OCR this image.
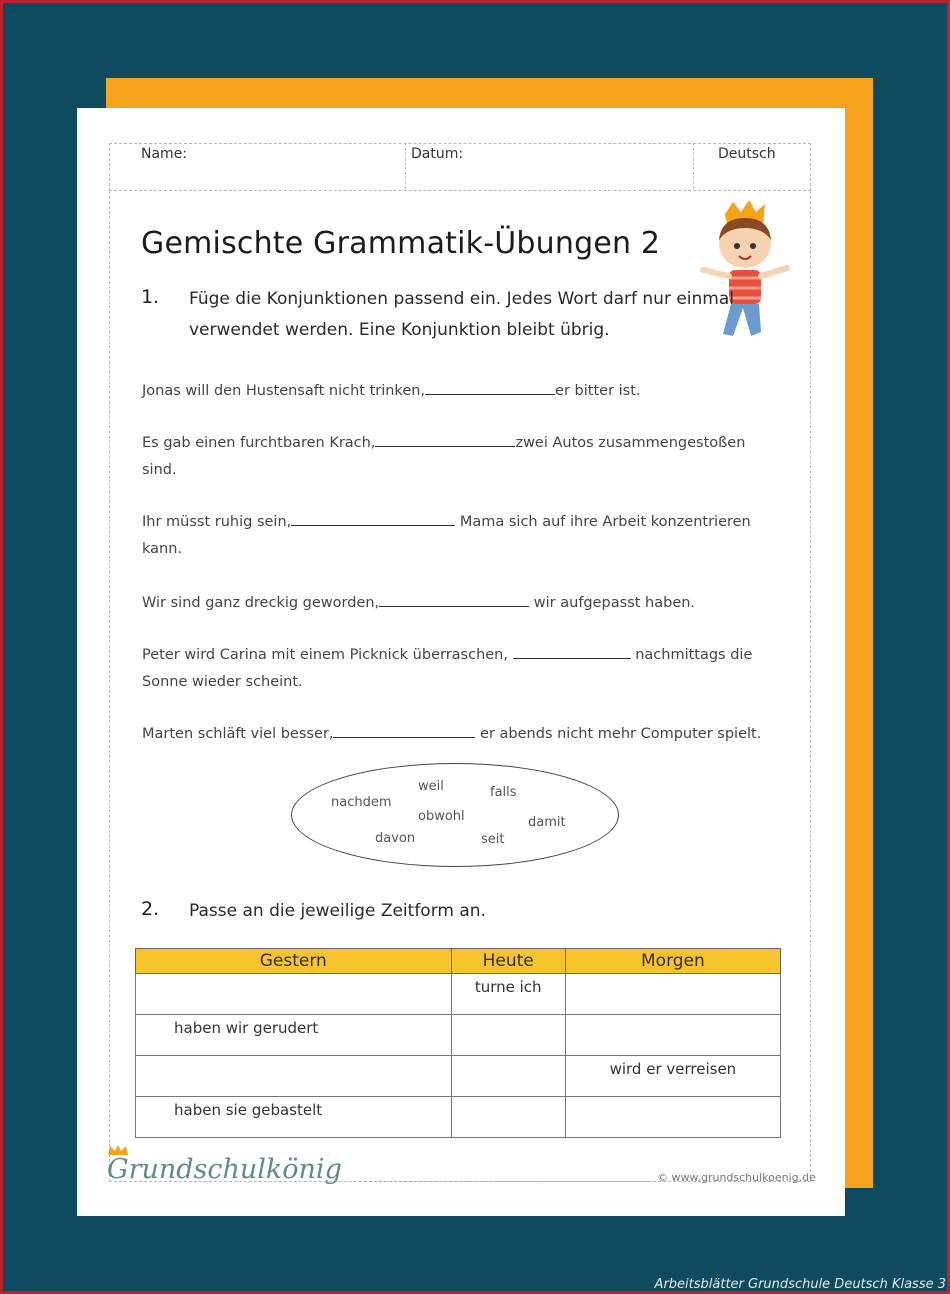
Name:	Datum:	Deutsch
Gemischte Grammatik-Übungen 2
1. Füge die Konjunktionen passend ein. Jedes Wort darf nur einmal
verwendet werden. Eine Konjunktion bleibt übrig.
Jonas will den Hustensaft nicht trinken,	er bitter ist.
Es gab einen furchtbaren Krach,	zwei Autos zusammengestoßen sind.
Ihr müsst ruhig sein,	Mama sich auf ihre Arbeit konzentrieren kann.
Wir sind ganz dreckig geworden,	wir aufgepasst haben.
Peter wird Carina mit einem Picknick überraschen,	nachmittags die Sonne wieder scheint.
Marten schläft viel besser,	er abends nicht mehr Computer spielt.
weil	falls
nachdem
obwohl	damit
davon	seit
2. Passe an die jeweilige Zeitform an.
Gestern	Heute	Morgen
	turne ich	
haben wir gerudert		
		wird er verreisen
haben sie gebastelt		
Grundschulkönig	© www.grundschulkoenig.de
Arbeitsblätter Grundschule Deutsch Klasse 3
